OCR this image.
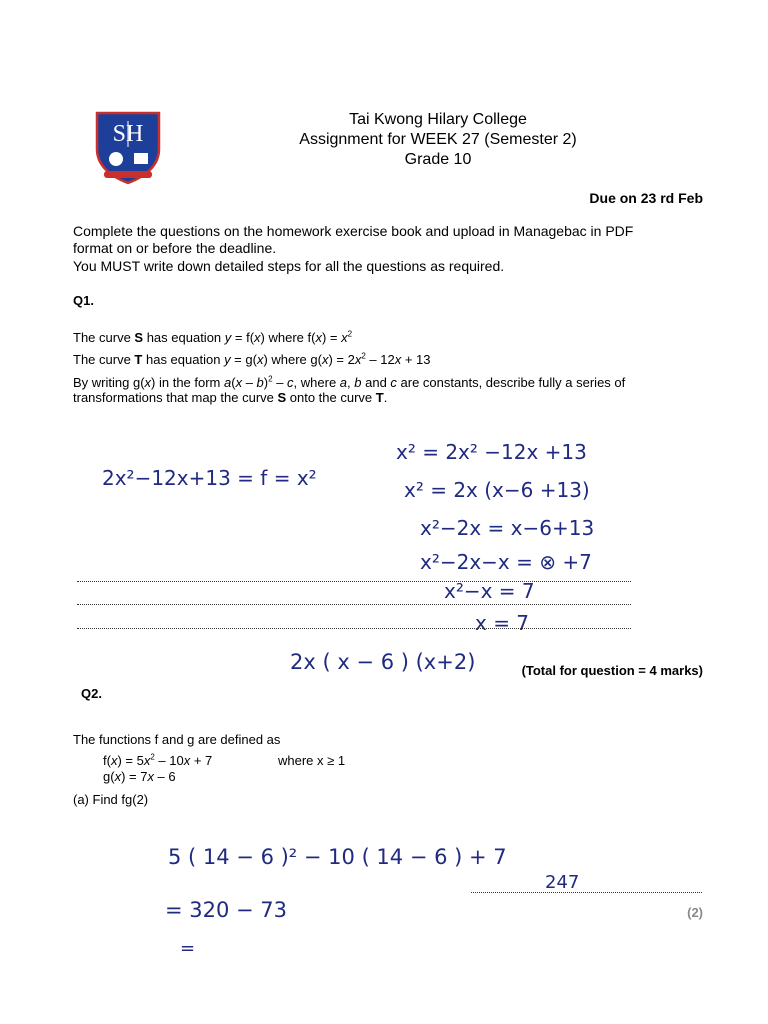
SH
Tai Kwong Hilary College
Assignment for WEEK 27 (Semester 2)
Grade 10
Due on 23 rd Feb
Complete the questions on the homework exercise book and upload in Managebac in PDF
format on or before the deadline.
You MUST write down detailed steps for all the questions as required.
Q1.
The curve S has equation y = f(x) where $f(x) = x^2$
The curve T has equation y = g(x) where $g(x) = 2x^2 - 12x + 13$
By writing g(x) in the form a(x – b)$^2$ – c, where a, b and c are constants, describe fully a series of
transformations that map the curve S onto the curve T.
2x²−12x+13 = f = x²
x² = 2x² −12x +13
x² = 2x (x−6 +13)
x²−2x = x−6+13
x²−2x−x = ⊗ +7
x²−x = 7
x = 7
2x ( x − 6 ) (x+2)	(Total for question = 4 marks)
Q2.
The functions f and g are defined as
$f(x) = 5x^2 - 10x + 7$	where x ≥ 1
g(x) = 7x – 6
(a) Find fg(2)
5 ( 14 − 6 )² − 10 ( 14 − 6 ) + 7
= 320 − 73
=
247
(2)
